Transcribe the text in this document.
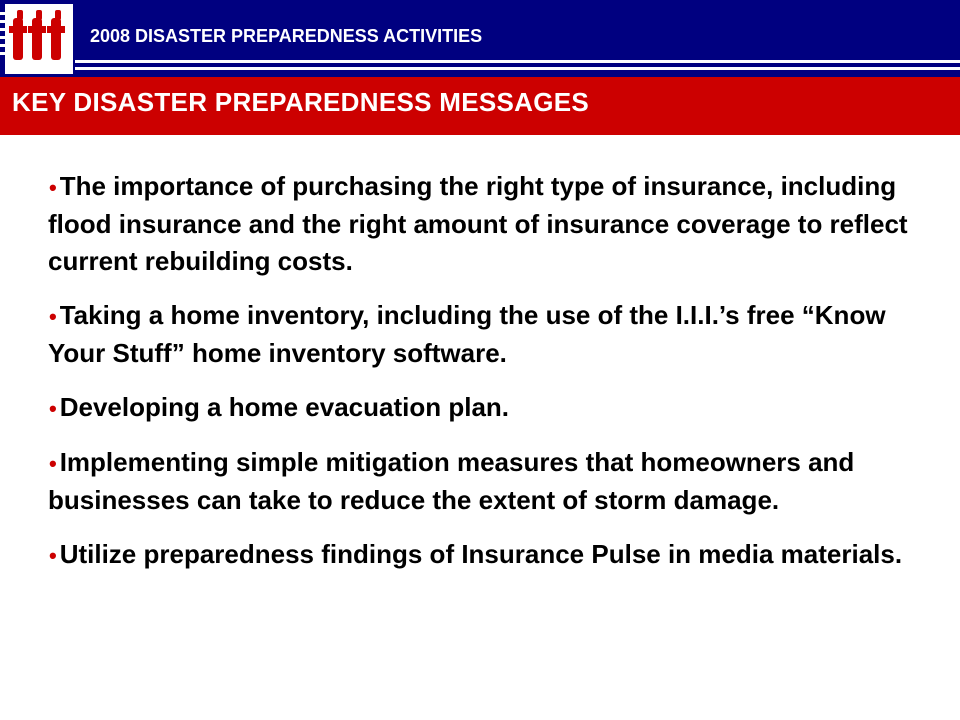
2008 DISASTER PREPAREDNESS ACTIVITIES
KEY DISASTER PREPAREDNESS MESSAGES
• The importance of purchasing the right type of insurance, including flood insurance and the right amount of insurance coverage to reflect current rebuilding costs.
• Taking a home inventory, including the use of the I.I.I.’s free “Know Your Stuff” home inventory software.
• Developing a home evacuation plan.
• Implementing simple mitigation measures that homeowners and businesses can take to reduce the extent of storm damage.
• Utilize preparedness findings of Insurance Pulse in media materials.
